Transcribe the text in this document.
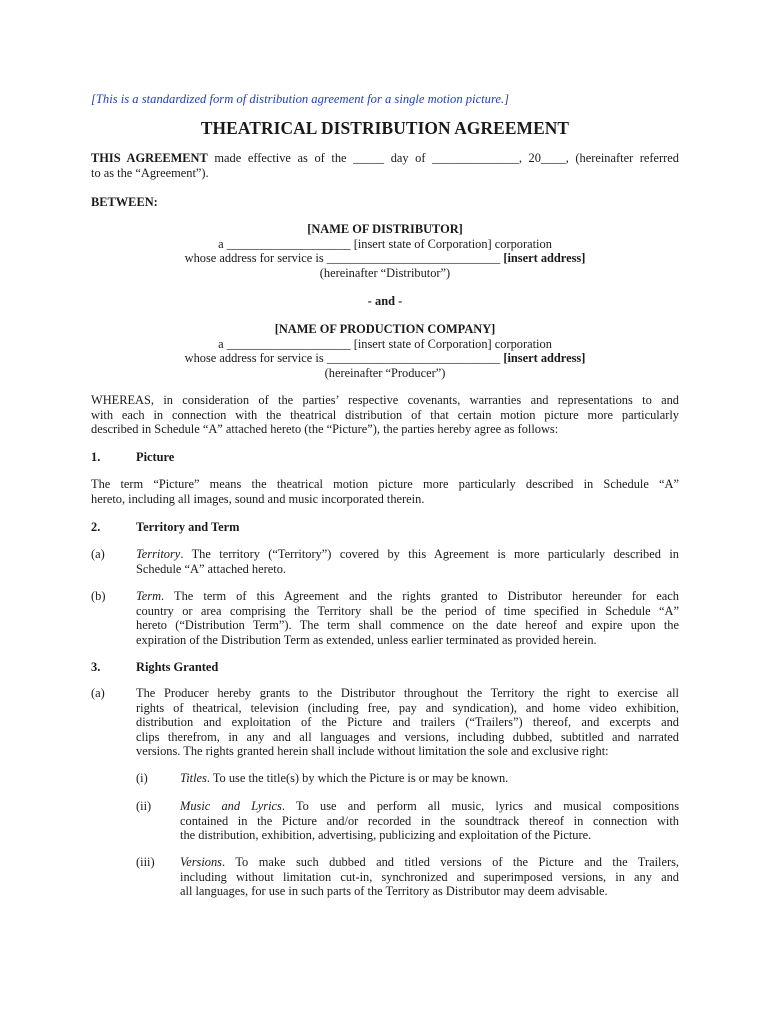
[This is a standardized form of distribution agreement for a single motion picture.]
THEATRICAL DISTRIBUTION AGREEMENT
THIS AGREEMENT made effective as of the _____ day of ______________, 20____, (hereinafter referred
to as the “Agreement”).
BETWEEN:
[NAME OF DISTRIBUTOR]
a ____________________ [insert state of Corporation] corporation
whose address for service is ____________________________ [insert address]
(hereinafter “Distributor”)
- and -
[NAME OF PRODUCTION COMPANY]
a ____________________ [insert state of Corporation] corporation
whose address for service is ____________________________ [insert address]
(hereinafter “Producer”)
WHEREAS, in consideration of the parties’ respective covenants, warranties and representations to and
with each in connection with the theatrical distribution of that certain motion picture more particularly
described in Schedule “A” attached hereto (the “Picture”), the parties hereby agree as follows:
1.	Picture
The term “Picture” means the theatrical motion picture more particularly described in Schedule “A”
hereto, including all images, sound and music incorporated therein.
2.	Territory and Term
(a)	Territory. The territory (“Territory”) covered by this Agreement is more particularly described in
Schedule “A” attached hereto.
(b) Term. The term of this Agreement and the rights granted to Distributor hereunder for each
country or area comprising the Territory shall be the period of time specified in Schedule “A”
hereto (“Distribution Term”). The term shall commence on the date hereof and expire upon the
expiration of the Distribution Term as extended, unless earlier terminated as provided herein.
3.	Rights Granted
(a)	The Producer hereby grants to the Distributor throughout the Territory the right to exercise all
rights of theatrical, television (including free, pay and syndication), and home video exhibition,
distribution and exploitation of the Picture and trailers (“Trailers”) thereof, and excerpts and
clips therefrom, in any and all languages and versions, including dubbed, subtitled and narrated
versions. The rights granted herein shall include without limitation the sole and exclusive right:
(i)	Titles. To use the title(s) by which the Picture is or may be known.
(ii) Music and Lyrics. To use and perform all music, lyrics and musical compositions
contained in the Picture and/or recorded in the soundtrack thereof in connection with
the distribution, exhibition, advertising, publicizing and exploitation of the Picture.
(iii) Versions. To make such dubbed and titled versions of the Picture and the Trailers,
including without limitation cut-in, synchronized and superimposed versions, in any and
all languages, for use in such parts of the Territory as Distributor may deem advisable.
